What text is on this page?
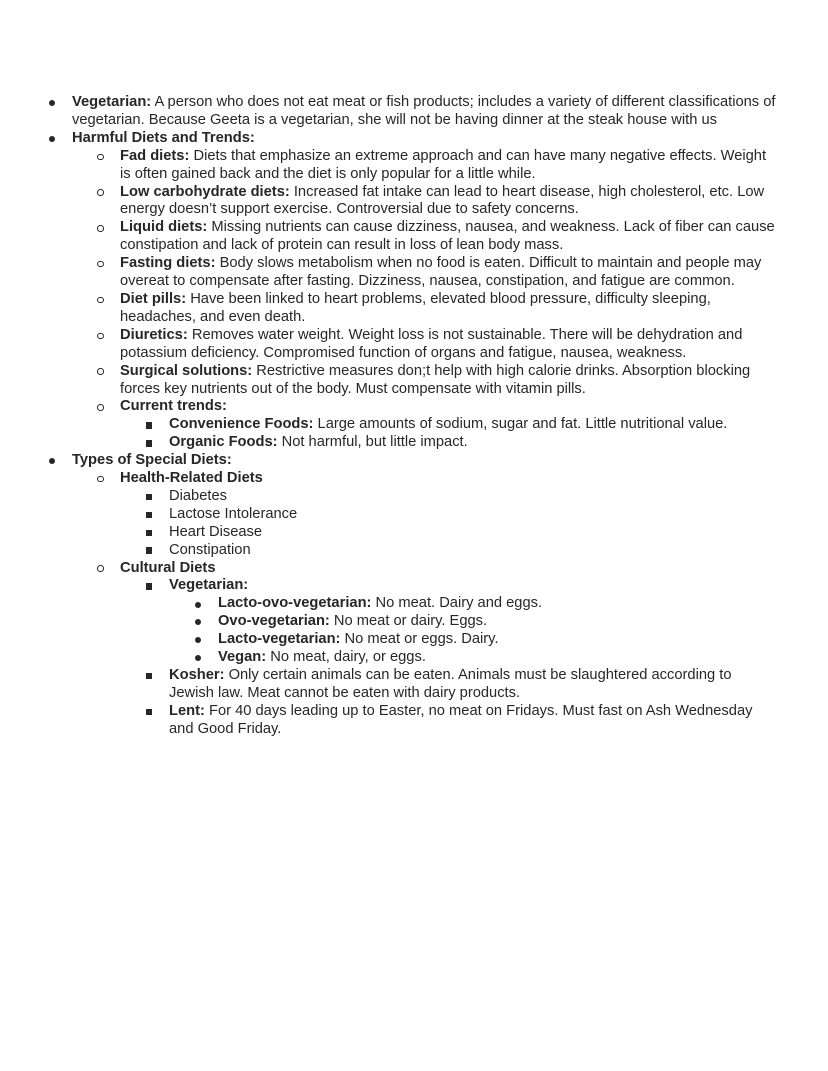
Vegetarian: A person who does not eat meat or fish products; includes a variety of different classifications of vegetarian. Because Geeta is a vegetarian, she will not be having dinner at the steak house with us
Harmful Diets and Trends:
Fad diets: Diets that emphasize an extreme approach and can have many negative effects. Weight is often gained back and the diet is only popular for a little while.
Low carbohydrate diets: Increased fat intake can lead to heart disease, high cholesterol, etc. Low energy doesn’t support exercise. Controversial due to safety concerns.
Liquid diets: Missing nutrients can cause dizziness, nausea, and weakness. Lack of fiber can cause constipation and lack of protein can result in loss of lean body mass.
Fasting diets: Body slows metabolism when no food is eaten. Difficult to maintain and people may overeat to compensate after fasting. Dizziness, nausea, constipation, and fatigue are common.
Diet pills: Have been linked to heart problems, elevated blood pressure, difficulty sleeping, headaches, and even death.
Diuretics: Removes water weight. Weight loss is not sustainable. There will be dehydration and potassium deficiency. Compromised function of organs and fatigue, nausea, weakness.
Surgical solutions: Restrictive measures don;t help with high calorie drinks. Absorption blocking forces key nutrients out of the body. Must compensate with vitamin pills.
Current trends:
Convenience Foods: Large amounts of sodium, sugar and fat. Little nutritional value.
Organic Foods: Not harmful, but little impact.
Types of Special Diets:
Health-Related Diets
Diabetes
Lactose Intolerance
Heart Disease
Constipation
Cultural Diets
Vegetarian:
Lacto-ovo-vegetarian: No meat. Dairy and eggs.
Ovo-vegetarian: No meat or dairy. Eggs.
Lacto-vegetarian: No meat or eggs. Dairy.
Vegan: No meat, dairy, or eggs.
Kosher: Only certain animals can be eaten. Animals must be slaughtered according to Jewish law. Meat cannot be eaten with dairy products.
Lent: For 40 days leading up to Easter, no meat on Fridays. Must fast on Ash Wednesday and Good Friday.
